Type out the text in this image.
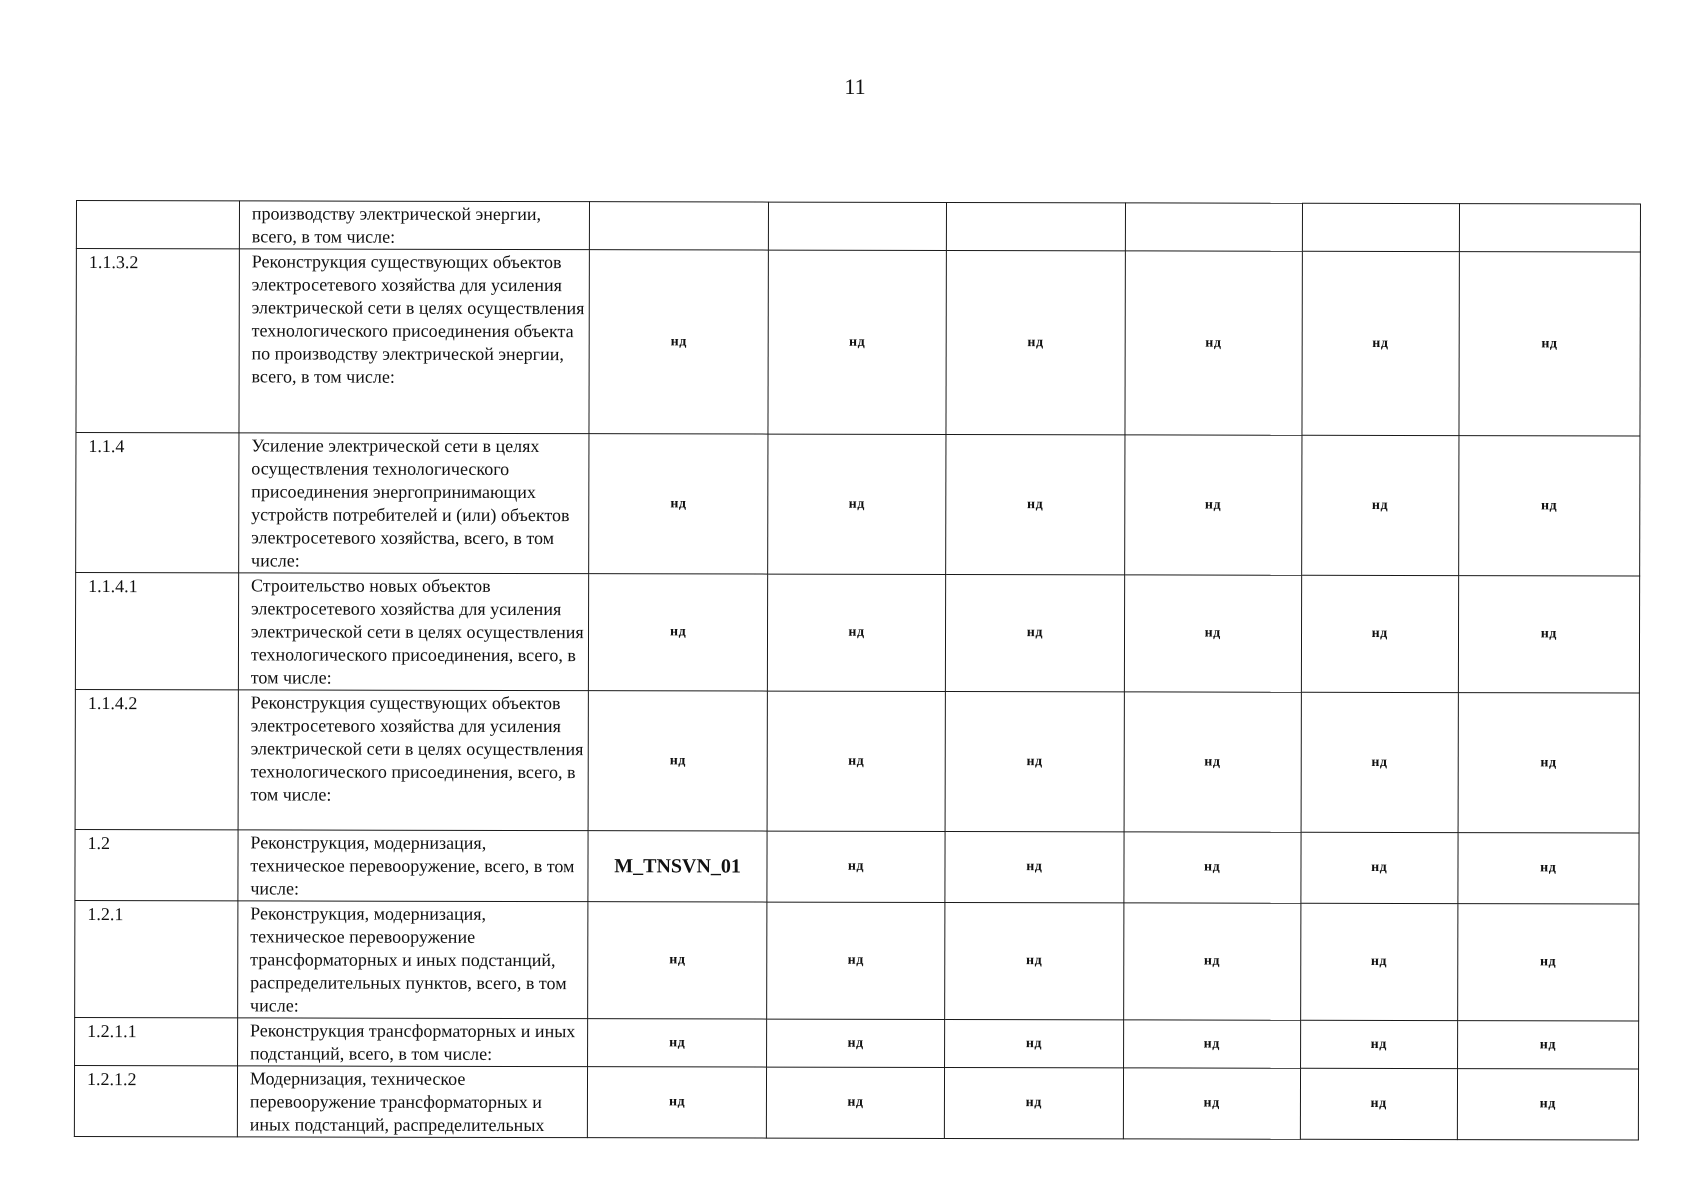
11
	производству электрической энергии, всего, в том числе:						
1.1.3.2	Реконструкция существующих объектов электросетевого хозяйства для усиления электрической сети в целях осуществления технологического присоединения объекта по производству электрической энергии, всего, в том числе:	нд	нд	нд	нд	нд	нд
1.1.4	Усиление электрической сети в целях осуществления технологического присоединения энергопринимающих устройств потребителей и (или) объектов электросетевого хозяйства, всего, в том числе:	нд	нд	нд	нд	нд	нд
1.1.4.1	Строительство новых объектов электросетевого хозяйства для усиления электрической сети в целях осуществления технологического присоединения, всего, в том числе:	нд	нд	нд	нд	нд	нд
1.1.4.2	Реконструкция существующих объектов электросетевого хозяйства для усиления электрической сети в целях осуществления технологического присоединения, всего, в том числе:	нд	нд	нд	нд	нд	нд
1.2	Реконструкция, модернизация, техническое перевооружение, всего, в том числе:	M_TNSVN_01	нд	нд	нд	нд	нд
1.2.1	Реконструкция, модернизация, техническое перевооружение трансформаторных и иных подстанций, распределительных пунктов, всего, в том числе:	нд	нд	нд	нд	нд	нд
1.2.1.1	Реконструкция трансформаторных и иных подстанций, всего, в том числе:	нд	нд	нд	нд	нд	нд
1.2.1.2	Модернизация, техническое перевооружение трансформаторных и иных подстанций, распределительных	нд	нд	нд	нд	нд	нд
